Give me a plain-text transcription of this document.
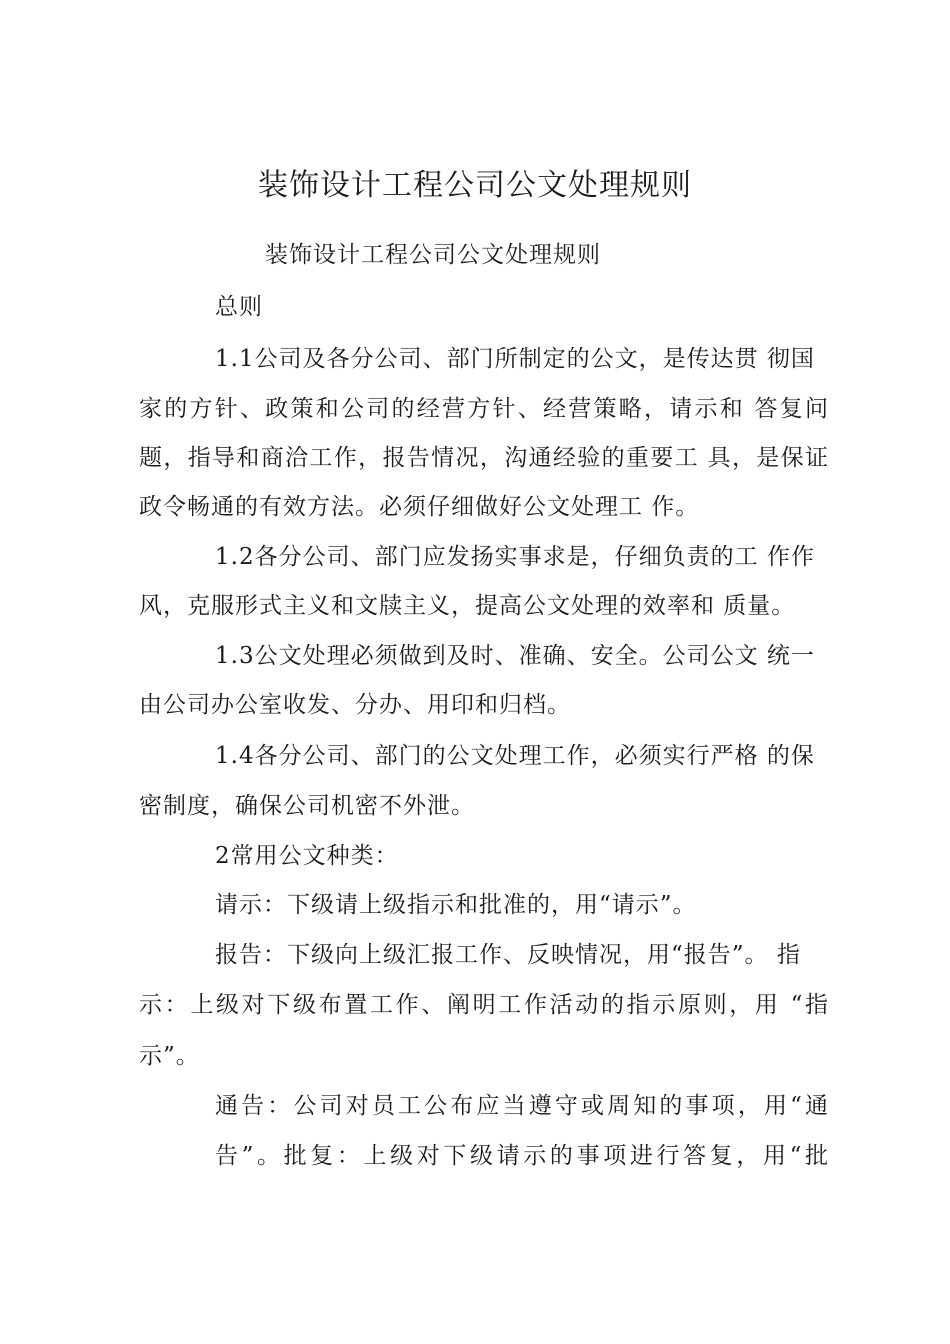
装饰设计工程公司公文处理规则
装饰设计工程公司公文处理规则
总则
1.1公司及各分公司、部门所制定的公文，是传达贯 彻国
家的方针、政策和公司的经营方针、经营策略，请示和 答复问
题，指导和商洽工作，报告情况，沟通经验的重要工 具，是保证
政令畅通的有效方法。必须仔细做好公文处理工 作。
1.2各分公司、部门应发扬实事求是，仔细负责的工 作作
风，克服形式主义和文牍主义，提高公文处理的效率和 质量。
1.3公文处理必须做到及时、准确、安全。公司公文 统一
由公司办公室收发、分办、用印和归档。
1.4各分公司、部门的公文处理工作，必须实行严格 的保
密制度，确保公司机密不外泄。
2常用公文种类：
请示：下级请上级指示和批准的，用“请示”。
报告：下级向上级汇报工作、反映情况，用“报告”。 指
示：上级对下级布置工作、阐明工作活动的指示原则，用 “指
示”。
通告：公司对员工公布应当遵守或周知的事项，用“通
告”。批复：上级对下级请示的事项进行答复，用“批
